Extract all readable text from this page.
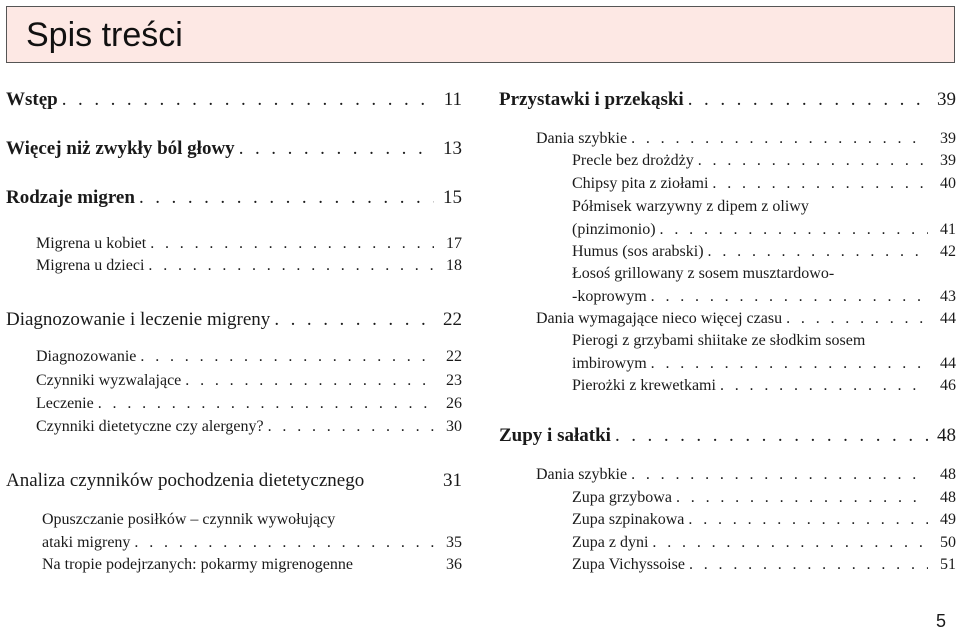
Spis treści
Wstęp . . .	11
Więcej niż zwykły ból głowy . . .	13
Rodzaje migren . . .	15
Migrena u kobiet . . .	17
Migrena u dzieci . . .	18
Diagnozowanie i leczenie migreny . . .	22
Diagnozowanie . . .	22
Czynniki wyzwalające . . .	23
Leczenie . . .	26
Czynniki dietetyczne czy alergeny? . . .	30
Analiza czynników pochodzenia dietetycznego	31
Opuszczanie posiłków – czynnik wywołujący
ataki migreny . . .	35
Na tropie podejrzanych: pokarmy migrenogenne	36
Przystawki i przekąski . . .	39
Dania szybkie . . .	39
Precle bez drożdży . . .	39
Chipsy pita z ziołami . . .	40
Półmisek warzywny z dipem z oliwy
(pinzimonio) . . .	41
Humus (sos arabski) . . .	42
Łosoś grillowany z sosem musztardowo-
-koprowym . . .	43
Dania wymagające nieco więcej czasu . . .	44
Pierogi z grzybami shiitake ze słodkim sosem
imbirowym . . .	44
Pierożki z krewetkami . . .	46
Zupy i sałatki . . .	48
Dania szybkie . . .	48
Zupa grzybowa . . .	48
Zupa szpinakowa . . .	49
Zupa z dyni . . .	50
Zupa Vichyssoise . . .	51
5
